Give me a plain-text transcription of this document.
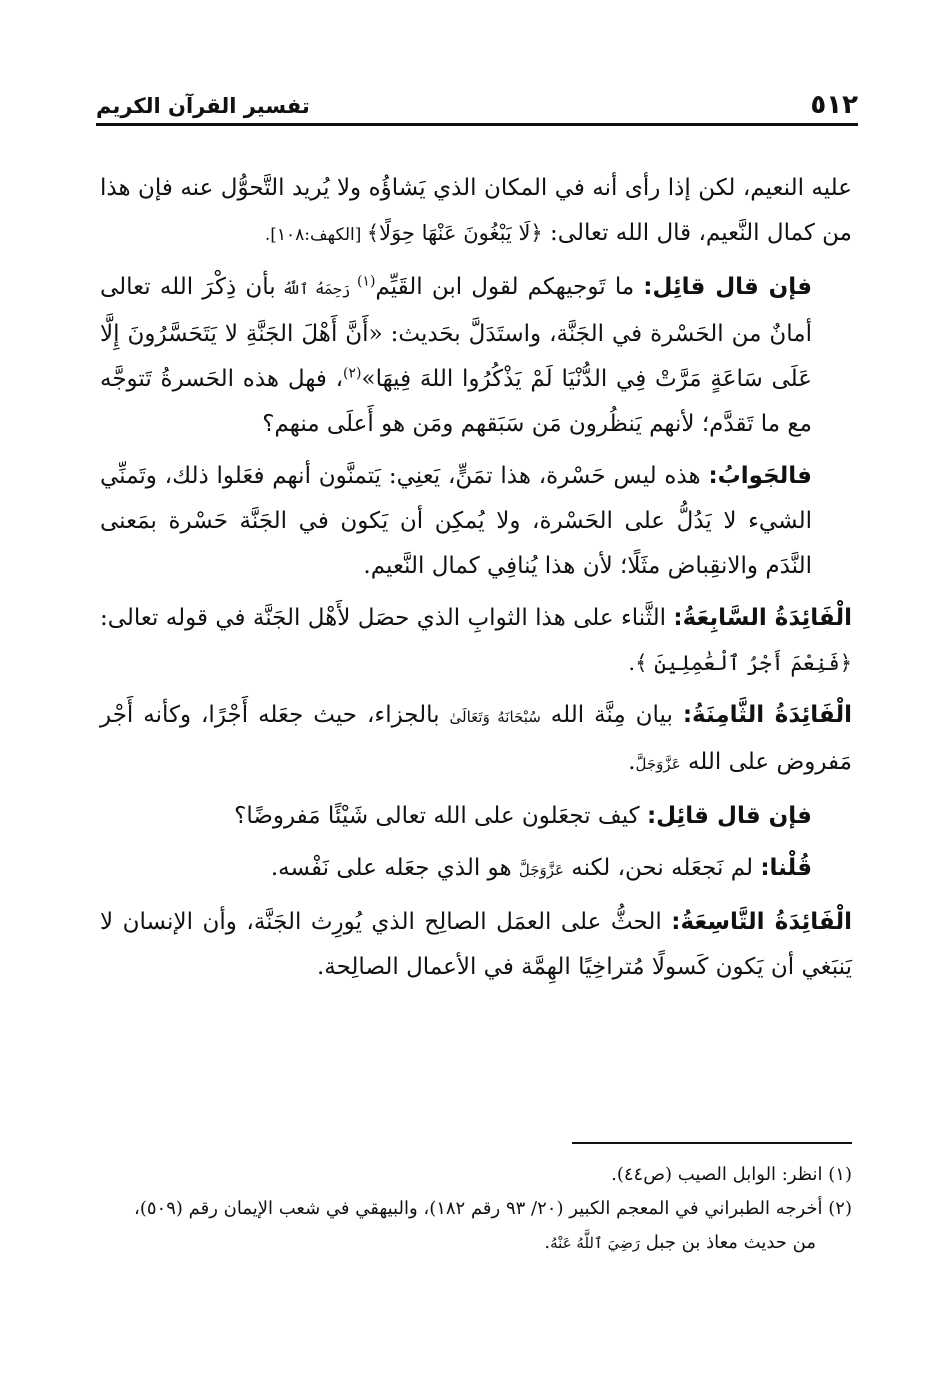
٥١٢
تفسير القرآن الكريم

عليه النعيم، لكن إذا رأى أنه في المكان الذي يَشاؤُه ولا يُريد التَّحوُّل عنه فإن هذا من كمال النَّعيم، قال الله تعالى: ﴿لَا يَبْغُونَ عَنْهَا حِوَلًا﴾ [الكهف:١٠٨].

فإن قال قائِل: ما تَوجيهكم لقول ابن القَيِّم$^{(١)}$ رَحِمَهُ ٱللَّهُ بأن ذِكْرَ الله تعالى أمانٌ من الحَسْرة في الجَنَّة، واستَدَلَّ بحَديث: «أَنَّ أَهْلَ الجَنَّةِ لا يَتَحَسَّرُونَ إِلَّا عَلَى سَاعَةٍ مَرَّتْ فِي الدُّنْيَا لَمْ يَذْكُرُوا اللهَ فِيهَا»$^{(٢)}$، فهل هذه الحَسرةُ تَتوجَّه مع ما تَقدَّم؛ لأنهم يَنظُرون مَن سَبَقهم ومَن هو أَعلَى منهم؟

فالجَوابُ: هذه ليس حَسْرة، هذا تمَنٍّ، يَعنِي: يَتمنَّون أنهم فعَلوا ذلك، وتَمنِّي الشيء لا يَدُلُّ على الحَسْرة، ولا يُمكِن أن يَكون في الجَنَّة حَسْرة بمَعنى النَّدَم والانقِباض مثَلًا؛ لأن هذا يُنافِي كمال النَّعيم.

الْفَائِدَةُ السَّابِعَةُ: الثَّناء على هذا الثوابِ الذي حصَل لأَهْل الجَنَّة في قوله تعالى: ﴿فَنِعْمَ أَجْرُ ٱلْعَٰمِلِينَ ﴾.

الْفَائِدَةُ الثَّامِنَةُ: بيان مِنَّة الله سُبْحَانَهُ وَتَعَالَىٰ بالجزاء، حيث جعَله أَجْرًا، وكأنه أَجْر مَفروض على الله عَزَّوَجَلَّ.

فإن قال قائِل: كيف تجعَلون على الله تعالى شَيْئًا مَفروضًا؟

قُلْنا: لم نَجعَله نحن، لكنه عَزَّوَجَلَّ هو الذي جعَله على نَفْسه.

الْفَائِدَةُ التَّاسِعَةُ: الحثُّ على العمَل الصالِح الذي يُورِث الجَنَّة، وأن الإنسان لا يَنبَغي أن يَكون كَسولًا مُتراخِيًا الهِمَّة في الأعمال الصالِحة.

(١) انظر: الوابل الصيب (ص٤٤).

(٢) أخرجه الطبراني في المعجم الكبير (٢٠/ ٩٣ رقم ١٨٢)، والبيهقي في شعب الإيمان رقم (٥٠٩)،

من حديث معاذ بن جبل رَضِيَ ٱللَّهُ عَنْهُ.
